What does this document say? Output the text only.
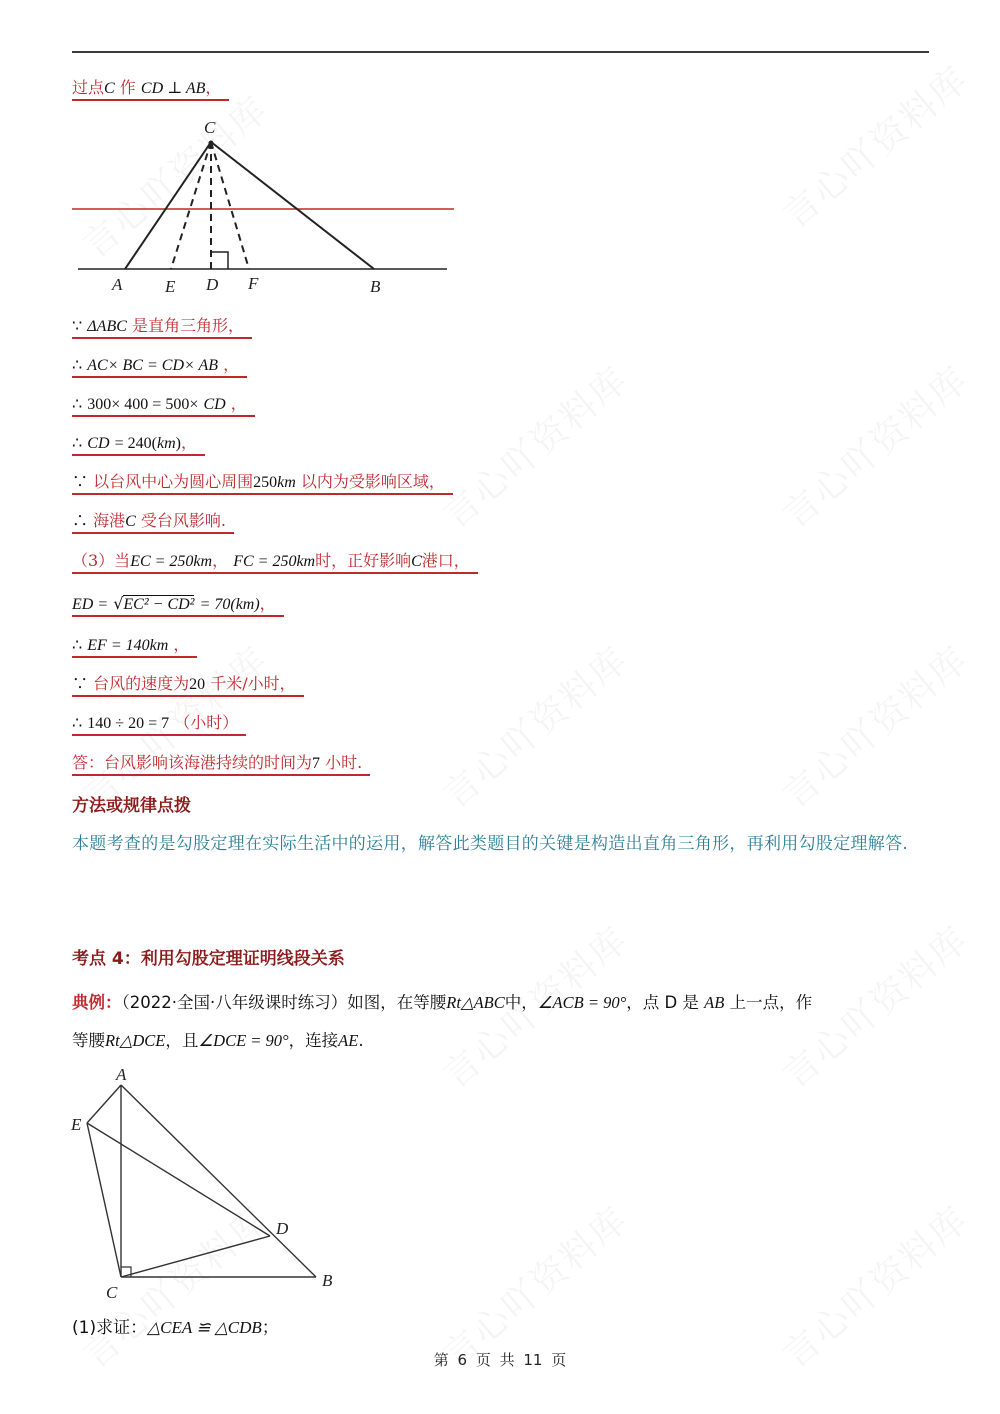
过点C 作 CD ⊥ AB，
C
A	E D F	B
∵ ΔABC 是直角三角形，
∴ AC× BC = CD× AB ，
∴ 300× 400 = 500× CD ，
∴ CD = 240(km)，
∵ 以台风中心为圆心周围250km 以内为受影响区域，
∴ 海港C 受台风影响.
（3）当EC = 250km， FC = 250km时，正好影响C港口，
ED = √EC² − CD² = 70(km)，
∴ EF = 140km ，
∵ 台风的速度为20 千米/小时，
∴ 140 ÷ 20 = 7 （小时）
答：台风影响该海港持续的时间为7 小时.
方法或规律点拨
本题考查的是勾股定理在实际生活中的运用，解答此类题目的关键是构造出直角三角形，再利用勾股定理解答.
考点 4：利用勾股定理证明线段关系
典例：（2022·全国·八年级课时练习）如图，在等腰Rt△ABC中，∠ACB = 90°，点 D 是 AB 上一点，作
等腰Rt△DCE，且∠DCE = 90°，连接AE.
A
E
D
C
B
(1)求证：△CEA ≌ △CDB；
第 6 页 共 11 页
